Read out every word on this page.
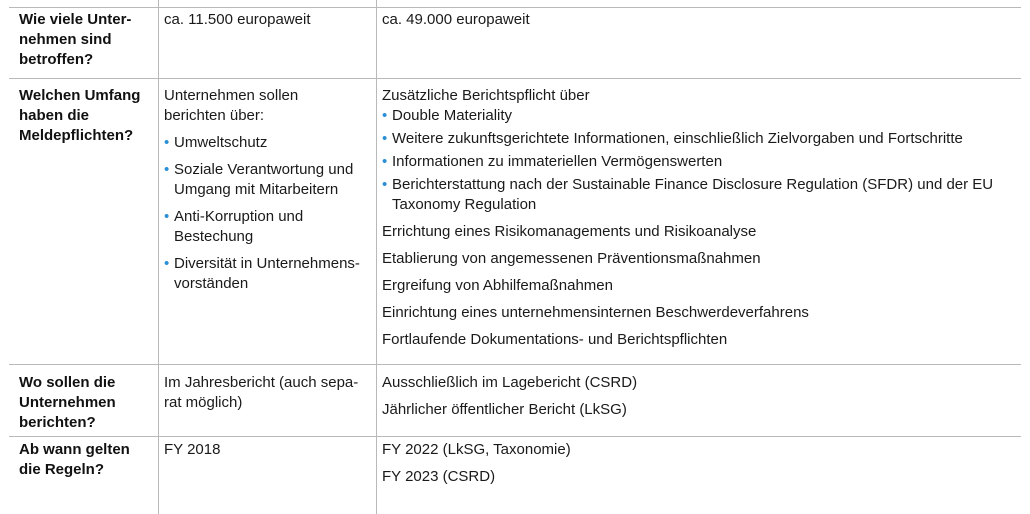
Wie viele Unter-
nehmen sind
betroffen?
ca. 11.500 europaweit	ca. 49.000 europaweit
Welchen Umfang
haben die
Meldepflichten?
Unternehmen sollen
berichten über:
• Umweltschutz
• Soziale Verantwortung und
Umgang mit Mitarbeitern
• Anti-Korruption und
Bestechung
• Diversität in Unternehmens-
vorständen
Zusätzliche Berichtspflicht über
• Double Materiality
• Weitere zukunftsgerichtete Informationen, einschließlich Zielvorgaben und Fortschritte
• Informationen zu immateriellen Vermögenswerten
• Berichterstattung nach der Sustainable Finance Disclosure Regulation (SFDR) und der EU
Taxonomy Regulation
Errichtung eines Risikomanagements und Risikoanalyse
Etablierung von angemessenen Präventionsmaßnahmen
Ergreifung von Abhilfemaßnahmen
Einrichtung eines unternehmensinternen Beschwerdeverfahrens
Fortlaufende Dokumentations- und Berichtspflichten
Wo sollen die
Unternehmen
berichten?
Im Jahresbericht (auch sepa-
rat möglich)
Ausschließlich im Lagebericht (CSRD)
Jährlicher öffentlicher Bericht (LkSG)
Ab wann gelten
die Regeln?
FY 2018	FY 2022 (LkSG, Taxonomie)
FY 2023 (CSRD)
